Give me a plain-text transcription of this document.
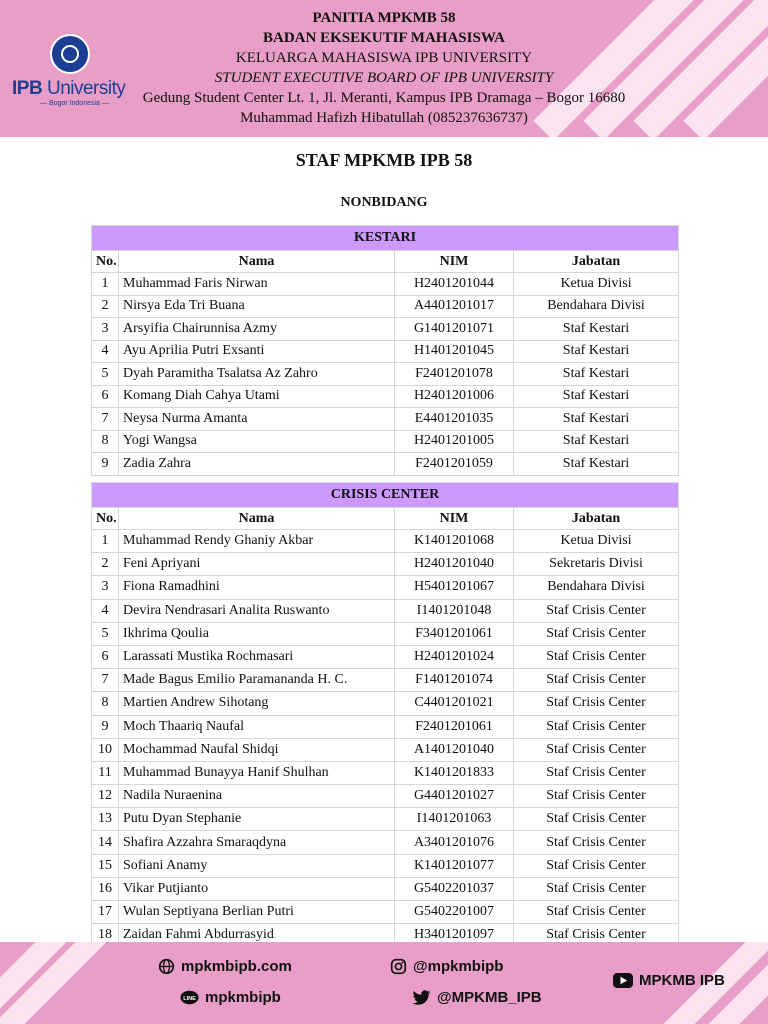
IPB University
— Bogor Indonesia —
PANITIA MPKMB 58
BADAN EKSEKUTIF MAHASISWA
KELUARGA MAHASISWA IPB UNIVERSITY
STUDENT EXECUTIVE BOARD OF IPB UNIVERSITY
Gedung Student Center Lt. 1, Jl. Meranti, Kampus IPB Dramaga – Bogor 16680
Muhammad Hafizh Hibatullah (085237636737)
STAF MPKMB IPB 58
NONBIDANG
KESTARI			
No.	Nama	NIM	Jabatan
1	Muhammad Faris Nirwan	H2401201044	Ketua Divisi
2	Nirsya Eda Tri Buana	A4401201017	Bendahara Divisi
3	Arsyifia Chairunnisa Azmy	G1401201071	Staf Kestari
4	Ayu Aprilia Putri Exsanti	H1401201045	Staf Kestari
5	Dyah Paramitha Tsalatsa Az Zahro	F2401201078	Staf Kestari
6	Komang Diah Cahya Utami	H2401201006	Staf Kestari
7	Neysa Nurma Amanta	E4401201035	Staf Kestari
8	Yogi Wangsa	H2401201005	Staf Kestari
9	Zadia Zahra	F2401201059	Staf Kestari
CRISIS CENTER			
No.	Nama	NIM	Jabatan
1	Muhammad Rendy Ghaniy Akbar	K1401201068	Ketua Divisi
2	Feni Apriyani	H2401201040	Sekretaris Divisi
3	Fiona Ramadhini	H5401201067	Bendahara Divisi
4	Devira Nendrasari Analita Ruswanto	I1401201048	Staf Crisis Center
5	Ikhrima Qoulia	F3401201061	Staf Crisis Center
6	Larassati Mustika Rochmasari	H2401201024	Staf Crisis Center
7	Made Bagus Emilio Paramananda H. C.	F1401201074	Staf Crisis Center
8	Martien Andrew Sihotang	C4401201021	Staf Crisis Center
9	Moch Thaariq Naufal	F2401201061	Staf Crisis Center
10	Mochammad Naufal Shidqi	A1401201040	Staf Crisis Center
11	Muhammad Bunayya Hanif Shulhan	K1401201833	Staf Crisis Center
12	Nadila Nuraenina	G4401201027	Staf Crisis Center
13	Putu Dyan Stephanie	I1401201063	Staf Crisis Center
14	Shafira Azzahra Smaraqdyna	A3401201076	Staf Crisis Center
15	Sofiani Anamy	K1401201077	Staf Crisis Center
16	Vikar Putjianto	G5402201037	Staf Crisis Center
17	Wulan Septiyana Berlian Putri	G5402201007	Staf Crisis Center
18	Zaidan Fahmi Abdurrasyid	H3401201097	Staf Crisis Center
mpkmbipb.com	@mpkmbipb
MPKMB IPB
LINE mpkmbipb	@MPKMB_IPB
